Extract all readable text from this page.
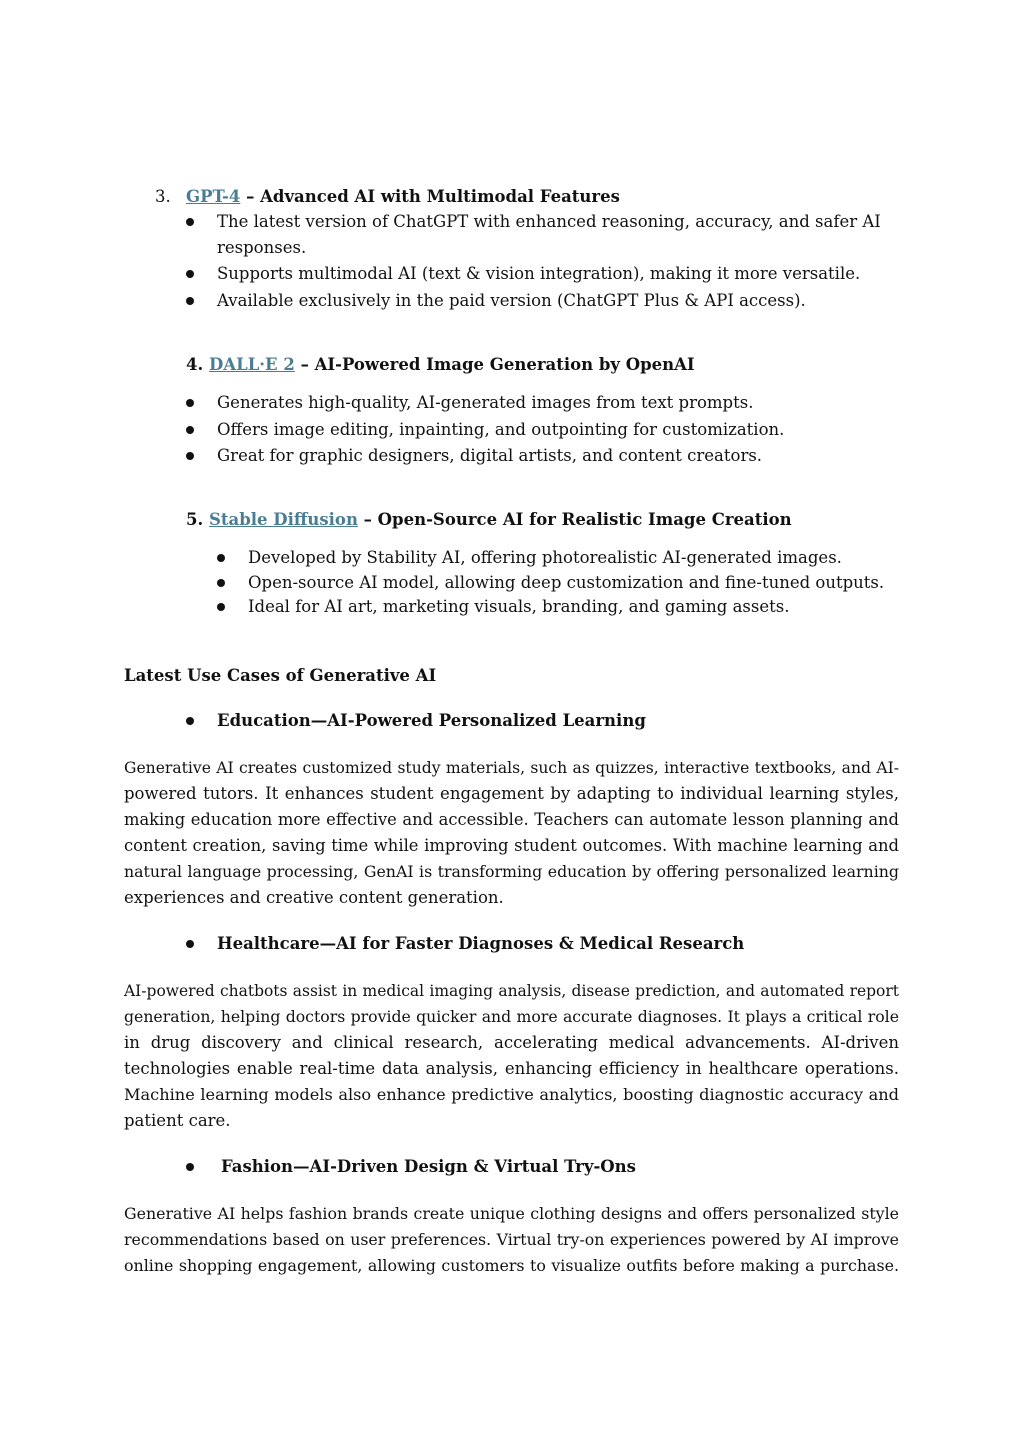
3. GPT-4 – Advanced AI with Multimodal Features
The latest version of ChatGPT with enhanced reasoning, accuracy, and safer AI
responses.
Supports multimodal AI (text & vision integration), making it more versatile.
Available exclusively in the paid version (ChatGPT Plus & API access).
4. DALL·E 2 – AI-Powered Image Generation by OpenAI
Generates high-quality, AI-generated images from text prompts.
Offers image editing, inpainting, and outpointing for customization.
Great for graphic designers, digital artists, and content creators.
5. Stable Diffusion – Open-Source AI for Realistic Image Creation
Developed by Stability AI, offering photorealistic AI-generated images.
Open-source AI model, allowing deep customization and fine-tuned outputs.
Ideal for AI art, marketing visuals, branding, and gaming assets.
Latest Use Cases of Generative AI
Education—AI-Powered Personalized Learning
Generative AI creates customized study materials, such as quizzes, interactive textbooks, and AI-
powered tutors. It enhances student engagement by adapting to individual learning styles,
making education more effective and accessible. Teachers can automate lesson planning and
content creation, saving time while improving student outcomes. With machine learning and
natural language processing, GenAI is transforming education by offering personalized learning
experiences and creative content generation.
Healthcare—AI for Faster Diagnoses & Medical Research
AI-powered chatbots assist in medical imaging analysis, disease prediction, and automated report
generation, helping doctors provide quicker and more accurate diagnoses. It plays a critical role
in drug discovery and clinical research, accelerating medical advancements. AI-driven
technologies enable real-time data analysis, enhancing efficiency in healthcare operations.
Machine learning models also enhance predictive analytics, boosting diagnostic accuracy and
patient care.
Fashion—AI-Driven Design & Virtual Try-Ons
Generative AI helps fashion brands create unique clothing designs and offers personalized style
recommendations based on user preferences. Virtual try-on experiences powered by AI improve
online shopping engagement, allowing customers to visualize outfits before making a purchase.
